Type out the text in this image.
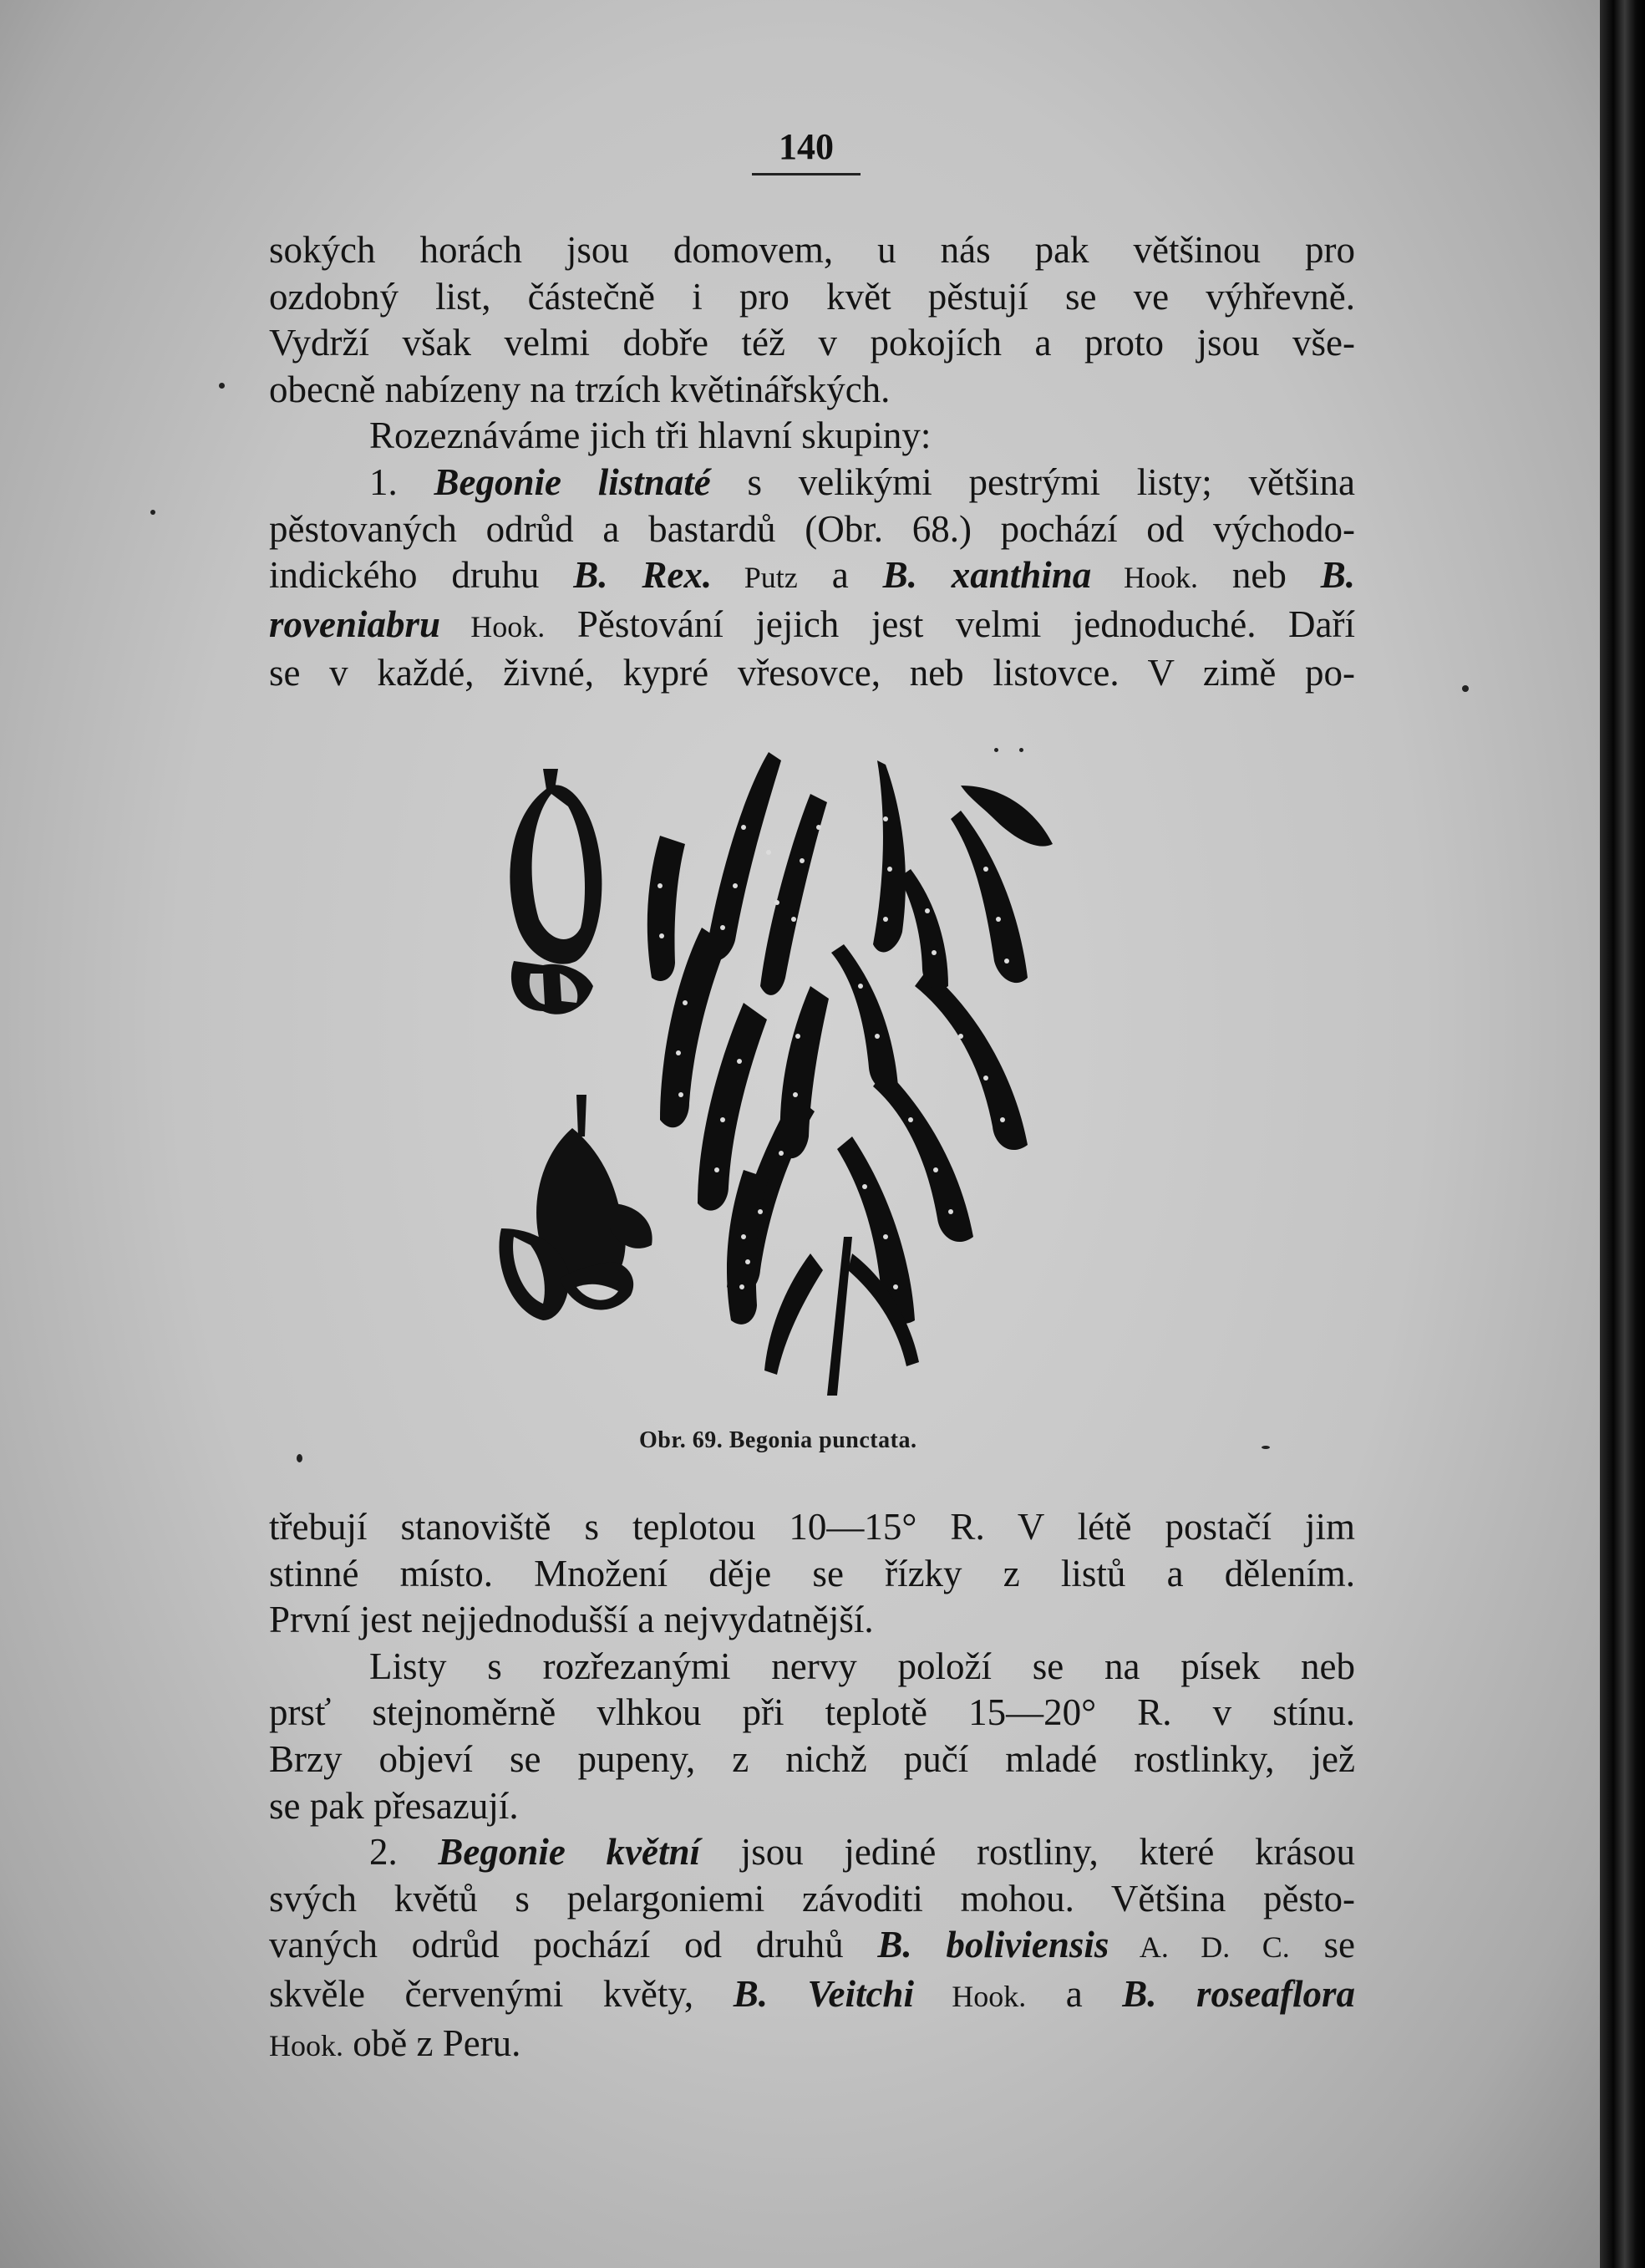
140
sokých horách jsou domovem, u nás pak většinou pro
ozdobný list, částečně i pro květ pěstují se ve výhřevně.
Vydrží však velmi dobře též v pokojích a proto jsou vše-
obecně nabízeny na trzích květinářských.
Rozeznáváme jich tři hlavní skupiny:
1. Begonie listnaté s velikými pestrými listy; většina
pěstovaných odrůd a bastardů (Obr. 68.) pochází od východo-
indického druhu B. Rex. Putz a B. xanthina Hook. neb B.
roveniabru Hook. Pěstování jejich jest velmi jednoduché. Daří
se v každé, živné, kypré vřesovce, neb listovce. V zimě po-
Obr. 69. Begonia punctata.
třebují stanoviště s teplotou 10—15° R. V létě postačí jim
stinné místo. Množení děje se řízky z listů a dělením.
První jest nejjednodušší a nejvydatnější.
Listy s rozřezanými nervy položí se na písek neb
prsť stejnoměrně vlhkou při teplotě 15—20° R. v stínu.
Brzy objeví se pupeny, z nichž pučí mladé rostlinky, jež
se pak přesazují.
2. Begonie květní jsou jediné rostliny, které krásou
svých květů s pelargoniemi závoditi mohou. Většina pěsto-
vaných odrůd pochází od druhů B. boliviensis A. D. C. se
skvěle červenými květy, B. Veitchi Hook. a B. roseaflora
Hook. obě z Peru.
